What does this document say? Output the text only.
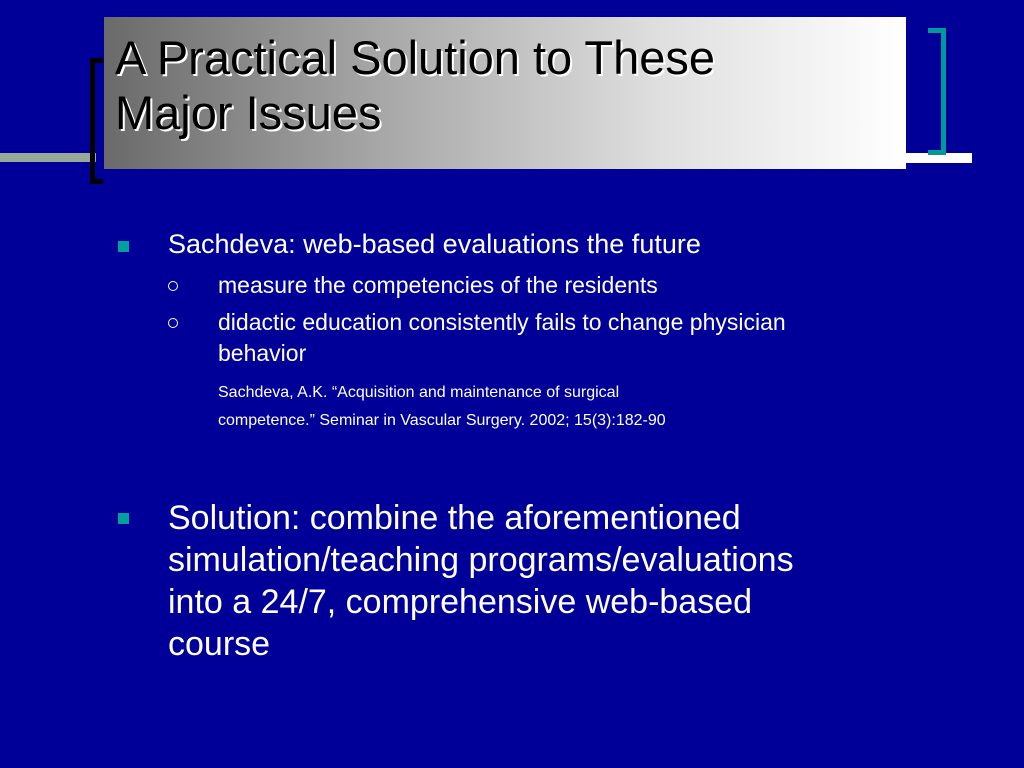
A Practical Solution to These
Major Issues

Sachdeva: web-based evaluations the future

measure the competencies of the residents

didactic education consistently fails to change physician

behavior

Sachdeva, A.K. “Acquisition and maintenance of surgical

competence.” Seminar in Vascular Surgery. 2002; 15(3):182-90

Solution: combine the aforementioned

simulation/teaching programs/evaluations

into a 24/7, comprehensive web-based

course
